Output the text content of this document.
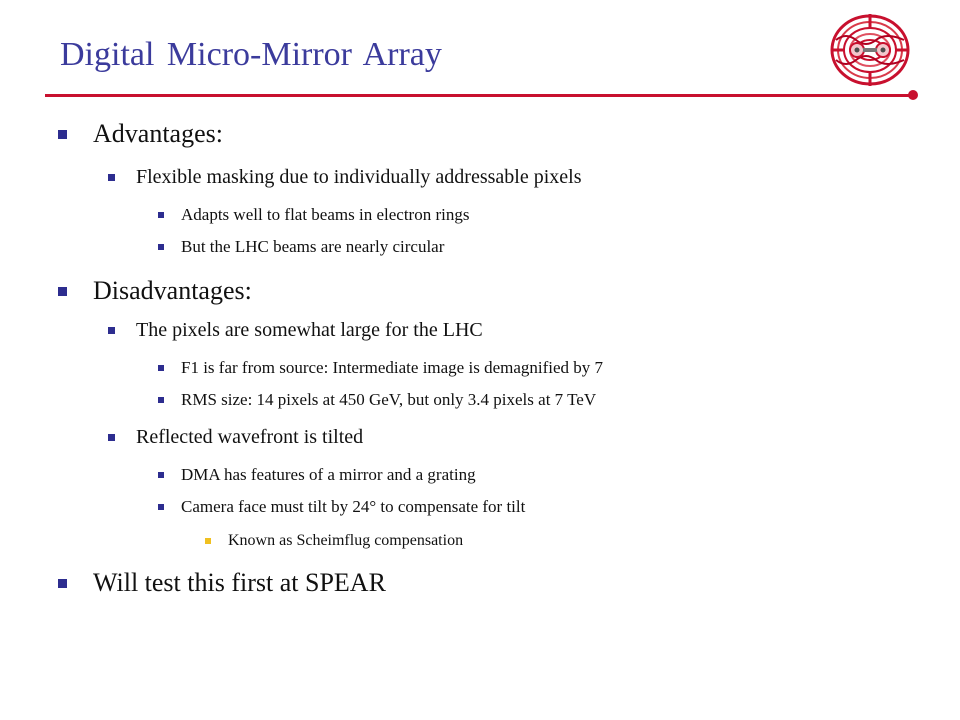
Digital Micro-Mirror Array
Advantages:
Flexible masking due to individually addressable pixels
Adapts well to flat beams in electron rings
But the LHC beams are nearly circular
Disadvantages:
The pixels are somewhat large for the LHC
F1 is far from source: Intermediate image is demagnified by 7
RMS size: 14 pixels at 450 GeV, but only 3.4 pixels at 7 TeV
Reflected wavefront is tilted
DMA has features of a mirror and a grating
Camera face must tilt by 24° to compensate for tilt
Known as Scheimflug compensation
Will test this first at SPEAR
